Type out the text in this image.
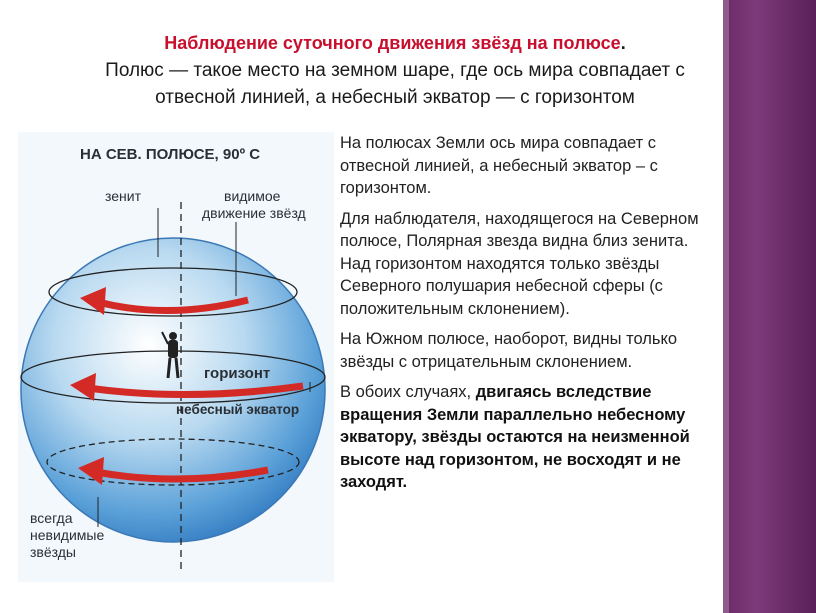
Наблюдение суточного движения звёзд на полюсе.
Полюс — такое место на земном шаре, где ось мира совпадает с
отвесной линией, а небесный экватор — с горизонтом
НА СЕВ. ПОЛЮСЕ, 90º С
зенит	видимое
движение звёзд
горизонт
небесный экватор
всегда
невидимые
звёзды

На полюсах Земли ось мира совпадает с отвесной линией, а небесный экватор – с горизонтом.

Для наблюдателя, находящегося на Северном полюсе, Полярная звезда видна близ зенита. Над горизонтом находятся только звёзды Северного полушария небесной сферы (с положительным склонением).

На Южном полюсе, наоборот, видны только звёзды с отрицательным склонением.

В обоих случаях, двигаясь вследствие вращения Земли параллельно небесному экватору, звёзды остаются на неизменной высоте над горизонтом, не восходят и не заходят.
